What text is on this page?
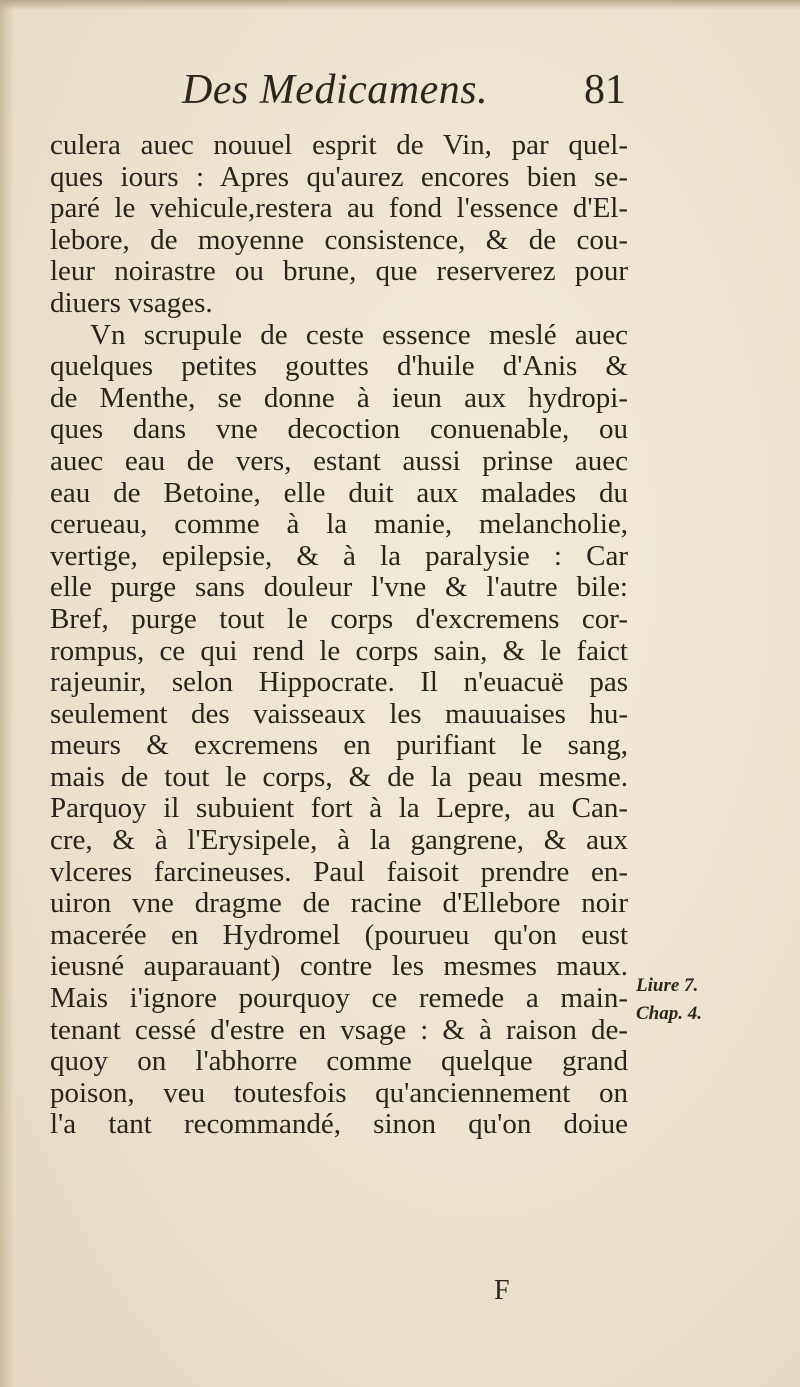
Des Medicamens. 81
culera auec nouuel esprit de Vin, par quel-
ques iours : Apres qu'aurez encores bien se-
paré le vehicule,restera au fond l'essence d'El-
lebore, de moyenne consistence, & de cou-
leur noirastre ou brune, que reserverez pour
diuers vsages.
Vn scrupule de ceste essence meslé auec
quelques petites gouttes d'huile d'Anis &
de Menthe, se donne à ieun aux hydropi-
ques dans vne decoction conuenable, ou
auec eau de vers, estant aussi prinse auec
eau de Betoine, elle duit aux malades du
cerueau, comme à la manie, melancholie,
vertige, epilepsie, & à la paralysie : Car
elle purge sans douleur l'vne & l'autre bile:
Bref, purge tout le corps d'excremens cor-
rompus, ce qui rend le corps sain, & le faict
rajeunir, selon Hippocrate. Il n'euacuë pas
seulement des vaisseaux les mauuaises hu-
meurs & excremens en purifiant le sang,
mais de tout le corps, & de la peau mesme.
Parquoy il subuient fort à la Lepre, au Can-
cre, & à l'Erysipele, à la gangrene, & aux
vlceres farcineuses. Paul faisoit prendre en-
uiron vne dragme de racine d'Ellebore noir
macerée en Hydromel (pourueu qu'on eust
ieusné auparauant) contre les mesmes maux.
Mais i'ignore pourquoy ce remede a main-
tenant cessé d'estre en vsage : & à raison de-
quoy on l'abhorre comme quelque grand
poison, veu toutesfois qu'anciennement on
l'a tant recommandé, sinon qu'on doiue
Liure 7.
Chap. 4.
F
